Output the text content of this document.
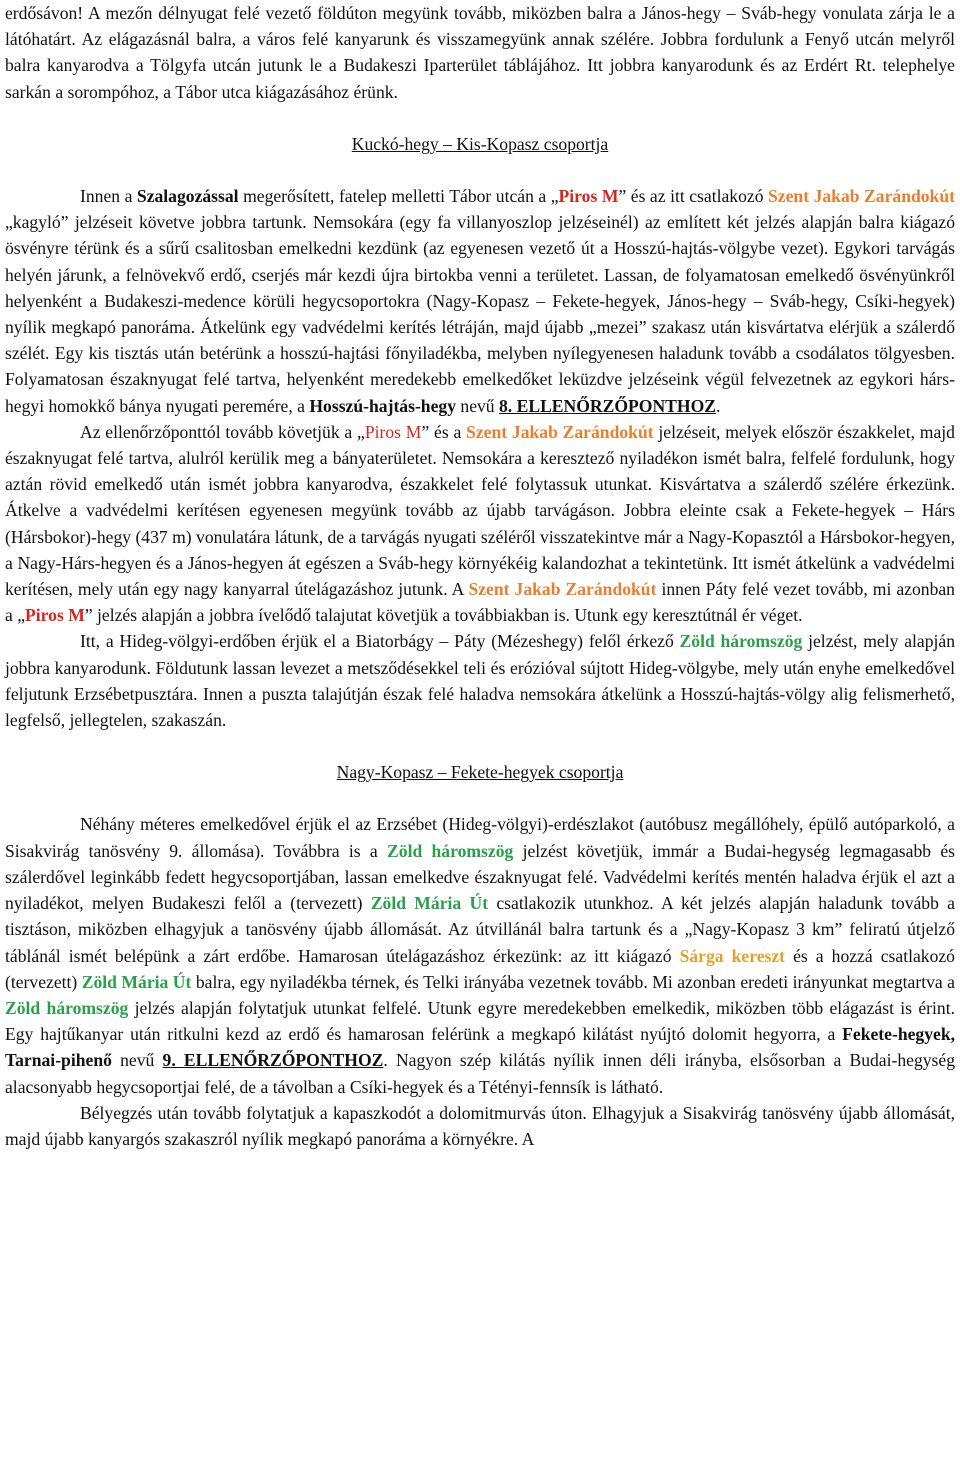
erdősávon! A mezőn délnyugat felé vezető földúton megyünk tovább, miközben balra a János-hegy – Sváb-hegy vonulata zárja le a látóhatárt. Az elágazásnál balra, a város felé kanyarunk és visszamegyünk annak szélére. Jobbra fordulunk a Fenyő utcán melyről balra kanyarodva a Tölgyfa utcán jutunk le a Budakeszi Iparterület táblájához. Itt jobbra kanyarodunk és az Erdért Rt. telephelye sarkán a sorompóhoz, a Tábor utca kiágazásához érünk.

Kuckó-hegy – Kis-Kopasz csoportja

Innen a Szalagozással megerősített, fatelep melletti Tábor utcán a „Piros M” és az itt csatlakozó Szent Jakab Zarándokút „kagyló” jelzéseit követve jobbra tartunk. Nemsokára (egy fa villanyoszlop jelzéseinél) az említett két jelzés alapján balra kiágazó ösvényre térünk és a sűrű csalitosban emelkedni kezdünk (az egyenesen vezető út a Hosszú-hajtás-völgybe vezet). Egykori tarvágás helyén járunk, a felnövekvő erdő, cserjés már kezdi újra birtokba venni a területet. Lassan, de folyamatosan emelkedő ösvényünkről helyenként a Budakeszi-medence körüli hegycsoportokra (Nagy-Kopasz – Fekete-hegyek, János-hegy – Sváb-hegy, Csíki-hegyek) nyílik megkapó panoráma. Átkelünk egy vadvédelmi kerítés létráján, majd újabb „mezei” szakasz után kisvártatva elérjük a szálerdő szélét. Egy kis tisztás után betérünk a hosszú-hajtási főnyiladékba, melyben nyílegyenesen haladunk tovább a csodálatos tölgyesben. Folyamatosan északnyugat felé tartva, helyenként meredekebb emelkedőket leküzdve jelzéseink végül felvezetnek az egykori hárs-hegyi homokkő bánya nyugati peremére, a Hosszú-hajtás-hegy nevű 8. ELLENŐRZŐPONTHOZ.

Az ellenőrzőponttól tovább követjük a „Piros M” és a Szent Jakab Zarándokút jelzéseit, melyek először északkelet, majd északnyugat felé tartva, alulról kerülik meg a bányaterületet. Nemsokára a keresztező nyiladékon ismét balra, felfelé fordulunk, hogy aztán rövid emelkedő után ismét jobbra kanyarodva, északkelet felé folytassuk utunkat. Kisvártatva a szálerdő szélére érkezünk. Átkelve a vadvédelmi kerítésen egyenesen megyünk tovább az újabb tarvágáson. Jobbra eleinte csak a Fekete-hegyek – Hárs (Hársbokor)-hegy (437 m) vonulatára látunk, de a tarvágás nyugati széléről visszatekintve már a Nagy-Kopasztól a Hársbokor-hegyen, a Nagy-Hárs-hegyen és a János-hegyen át egészen a Sváb-hegy környékéig kalandozhat a tekintetünk. Itt ismét átkelünk a vadvédelmi kerítésen, mely után egy nagy kanyarral útelágazáshoz jutunk. A Szent Jakab Zarándokút innen Páty felé vezet tovább, mi azonban a „Piros M” jelzés alapján a jobbra ívelődő talajutat követjük a továbbiakban is. Utunk egy keresztútnál ér véget.

Itt, a Hideg-völgyi-erdőben érjük el a Biatorbágy – Páty (Mézeshegy) felől érkező Zöld háromszög jelzést, mely alapján jobbra kanyarodunk. Földutunk lassan levezet a metsződésekkel teli és erózióval sújtott Hideg-völgybe, mely után enyhe emelkedővel feljutunk Erzsébetpusztára. Innen a puszta talajútján észak felé haladva nemsokára átkelünk a Hosszú-hajtás-völgy alig felismerhető, legfelső, jellegtelen, szakaszán.

Nagy-Kopasz – Fekete-hegyek csoportja

Néhány méteres emelkedővel érjük el az Erzsébet (Hideg-völgyi)-erdészlakot (autóbusz megállóhely, épülő autóparkoló, a Sisakvirág tanösvény 9. állomása). Továbbra is a Zöld háromszög jelzést követjük, immár a Budai-hegység legmagasabb és szálerdővel leginkább fedett hegycsoportjában, lassan emelkedve északnyugat felé. Vadvédelmi kerítés mentén haladva érjük el azt a nyiladékot, melyen Budakeszi felől a (tervezett) Zöld Mária Út csatlakozik utunkhoz. A két jelzés alapján haladunk tovább a tisztáson, miközben elhagyjuk a tanösvény újabb állomását. Az útvillánál balra tartunk és a „Nagy-Kopasz 3 km” feliratú útjelző táblánál ismét belépünk a zárt erdőbe. Hamarosan útelágazáshoz érkezünk: az itt kiágazó Sárga kereszt és a hozzá csatlakozó (tervezett) Zöld Mária Út balra, egy nyiladékba térnek, és Telki irányába vezetnek tovább. Mi azonban eredeti irányunkat megtartva a Zöld háromszög jelzés alapján folytatjuk utunkat felfelé. Utunk egyre meredekebben emelkedik, miközben több elágazást is érint. Egy hajtűkanyar után ritkulni kezd az erdő és hamarosan felérünk a megkapó kilátást nyújtó dolomit hegyorra, a Fekete-hegyek, Tarnai-pihenő nevű 9. ELLENŐRZŐPONTHOZ. Nagyon szép kilátás nyílik innen déli irányba, elsősorban a Budai-hegység alacsonyabb hegycsoportjai felé, de a távolban a Csíki-hegyek és a Tétényi-fennsík is látható.

Bélyegzés után tovább folytatjuk a kapaszkodót a dolomitmurvás úton. Elhagyjuk a Sisakvirág tanösvény újabb állomását, majd újabb kanyargós szakaszról nyílik megkapó panoráma a környékre. A
